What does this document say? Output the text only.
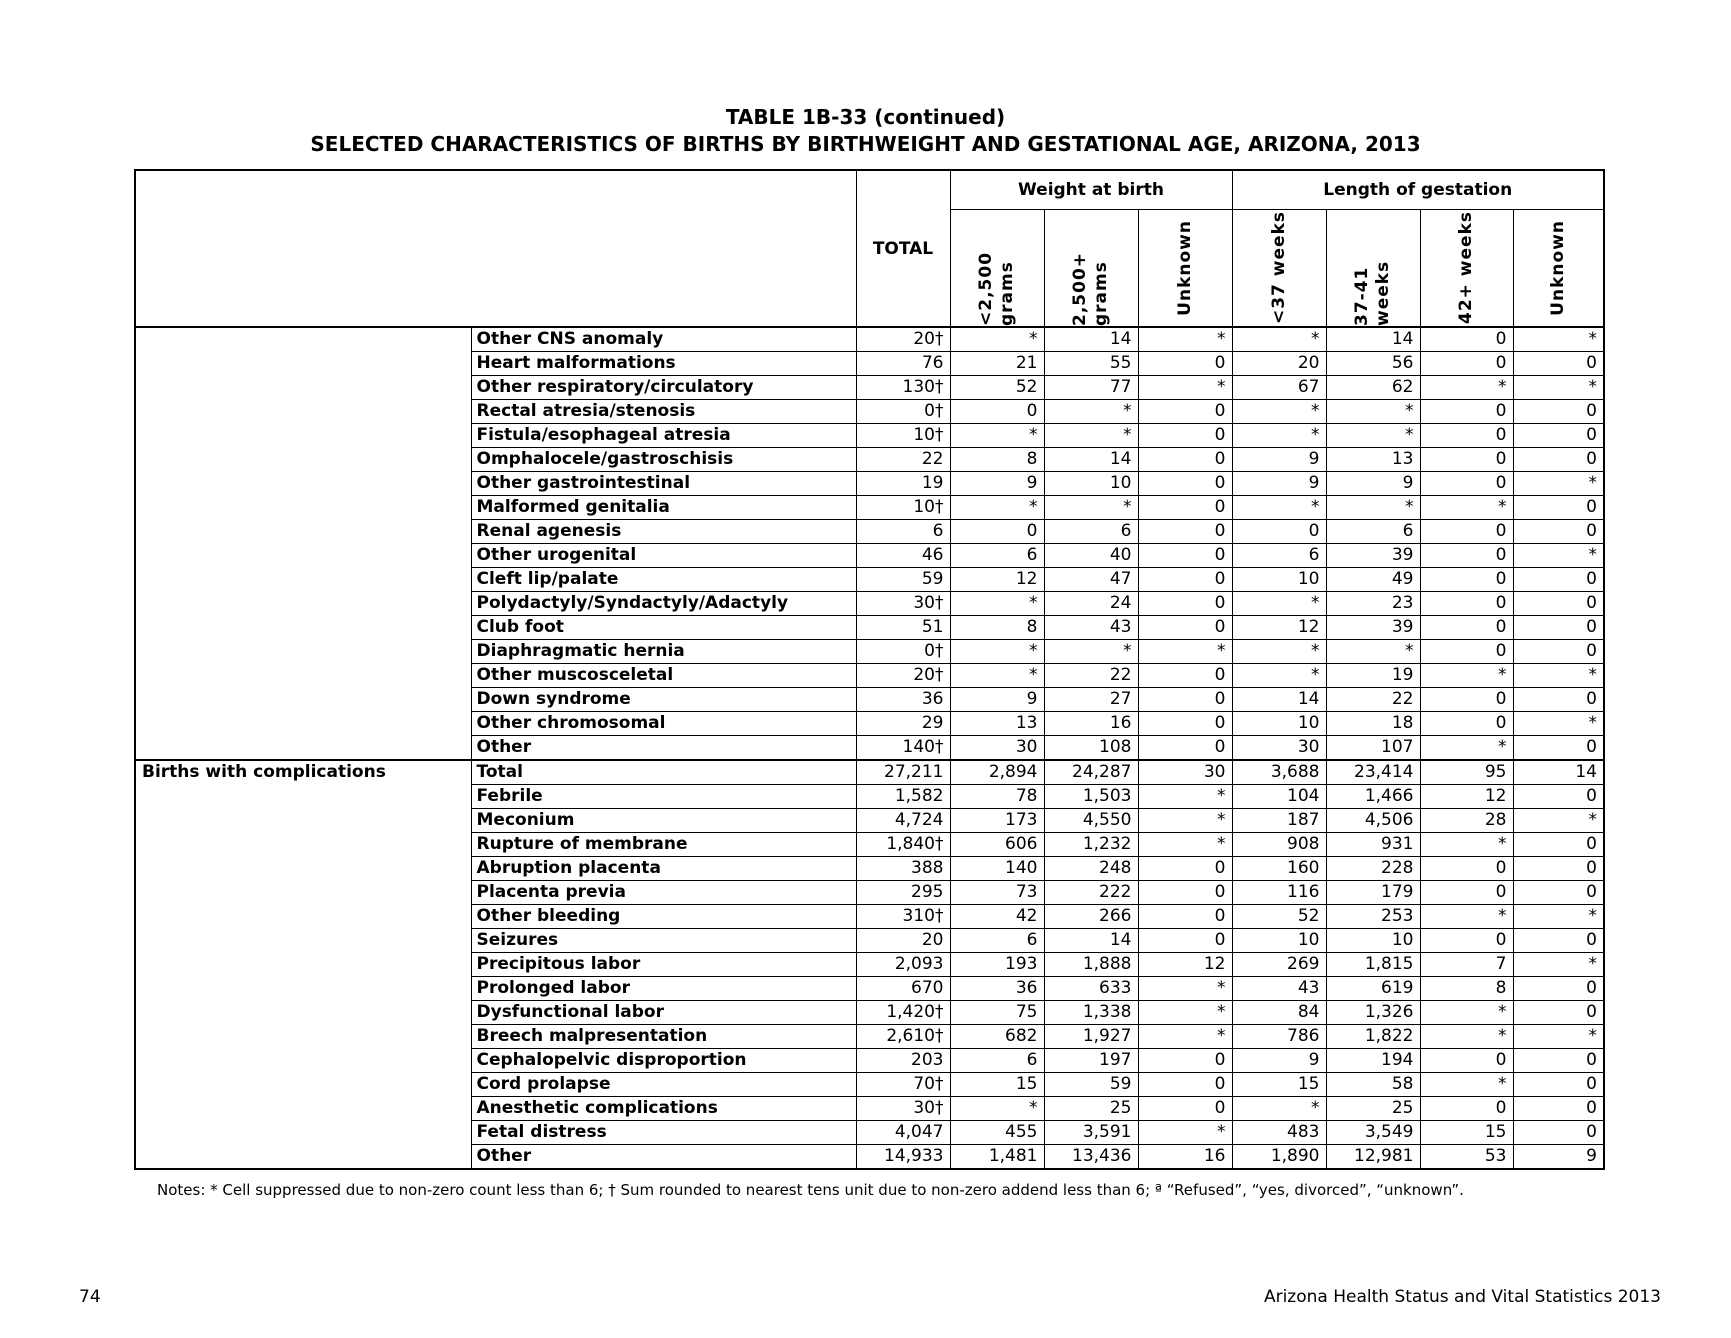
TABLE 1B-33 (continued)
SELECTED CHARACTERISTICS OF BIRTHS BY BIRTHWEIGHT AND GESTATIONAL AGE, ARIZONA, 2013
		TOTAL	Weight at birth			Length of gestation			

			<2,500 grams	2,500+ grams	Unknown	<37 weeks	37-41 weeks	42+ weeks	Unknown

	Other CNS anomaly	20†	*	14	*	*	14	0	*
	Heart malformations	76	21	55	0	20	56	0	0
	Other respiratory/circulatory	130†	52	77	*	67	62	*	*
	Rectal atresia/stenosis	0†	0	*	0	*	*	0	0
	Fistula/esophageal atresia	10†	*	*	0	*	*	0	0
	Omphalocele/gastroschisis	22	8	14	0	9	13	0	0
	Other gastrointestinal	19	9	10	0	9	9	0	*
	Malformed genitalia	10†	*	*	0	*	*	*	0
	Renal agenesis	6	0	6	0	0	6	0	0
	Other urogenital	46	6	40	0	6	39	0	*
	Cleft lip/palate	59	12	47	0	10	49	0	0
	Polydactyly/Syndactyly/Adactyly	30†	*	24	0	*	23	0	0
	Club foot	51	8	43	0	12	39	0	0
	Diaphragmatic hernia	0†	*	*	*	*	*	0	0
	Other muscosceletal	20†	*	22	0	*	19	*	*
	Down syndrome	36	9	27	0	14	22	0	0
	Other chromosomal	29	13	16	0	10	18	0	*
	Other	140†	30	108	0	30	107	*	0
Births with complications	Total	27,211	2,894	24,287	30	3,688	23,414	95	14
	Febrile	1,582	78	1,503	*	104	1,466	12	0
	Meconium	4,724	173	4,550	*	187	4,506	28	*
	Rupture of membrane	1,840†	606	1,232	*	908	931	*	0
	Abruption placenta	388	140	248	0	160	228	0	0
	Placenta previa	295	73	222	0	116	179	0	0
	Other bleeding	310†	42	266	0	52	253	*	*
	Seizures	20	6	14	0	10	10	0	0
	Precipitous labor	2,093	193	1,888	12	269	1,815	7	*
	Prolonged labor	670	36	633	*	43	619	8	0
	Dysfunctional labor	1,420†	75	1,338	*	84	1,326	*	0
	Breech malpresentation	2,610†	682	1,927	*	786	1,822	*	*
	Cephalopelvic disproportion	203	6	197	0	9	194	0	0
	Cord prolapse	70†	15	59	0	15	58	*	0
	Anesthetic complications	30†	*	25	0	*	25	0	0
	Fetal distress	4,047	455	3,591	*	483	3,549	15	0
	Other	14,933	1,481	13,436	16	1,890	12,981	53	9
Notes: * Cell suppressed due to non-zero count less than 6; † Sum rounded to nearest tens unit due to non-zero addend less than 6; ª “Refused”, “yes, divorced”, “unknown”.
74	Arizona Health Status and Vital Statistics 2013
